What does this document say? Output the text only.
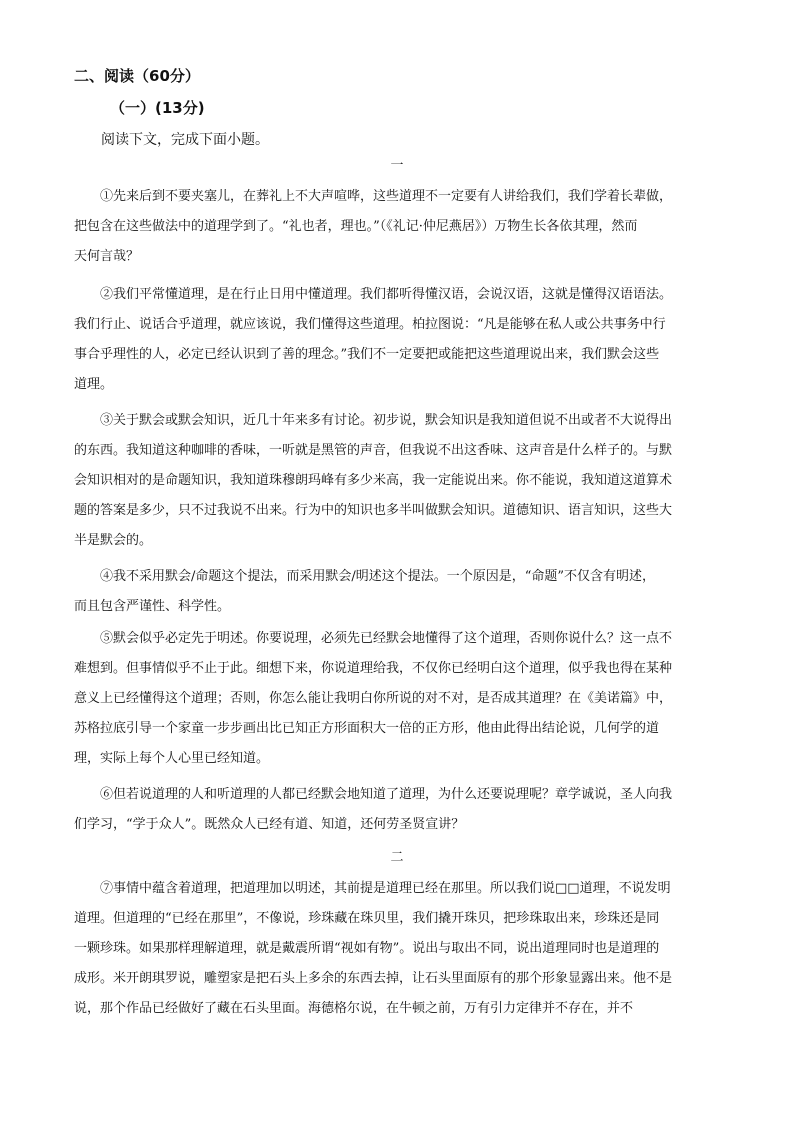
二、阅读（60分）
（一）(13分)
阅读下文，完成下面小题。
一
①先来后到不要夹塞儿，在葬礼上不大声喧哗，这些道理不一定要有人讲给我们，我们学着长辈做，
把包含在这些做法中的道理学到了。“礼也者，理也。”（《礼记·仲尼燕居》）万物生长各依其理，然而
天何言哉？
②我们平常懂道理，是在行止日用中懂道理。我们都听得懂汉语，会说汉语，这就是懂得汉语语法。
我们行止、说话合乎道理，就应该说，我们懂得这些道理。柏拉图说：“凡是能够在私人或公共事务中行
事合乎理性的人，必定已经认识到了善的理念。”我们不一定要把或能把这些道理说出来，我们默会这些
道理。
③关于默会或默会知识，近几十年来多有讨论。初步说，默会知识是我知道但说不出或者不大说得出
的东西。我知道这种咖啡的香味，一听就是黑管的声音，但我说不出这香味、这声音是什么样子的。与默
会知识相对的是命题知识，我知道珠穆朗玛峰有多少米高，我一定能说出来。你不能说，我知道这道算术
题的答案是多少，只不过我说不出来。行为中的知识也多半叫做默会知识。道德知识、语言知识，这些大
半是默会的。
④我不采用默会/命题这个提法，而采用默会/明述这个提法。一个原因是，“命题”不仅含有明述，
而且包含严谨性、科学性。
⑤默会似乎必定先于明述。你要说理，必须先已经默会地懂得了这个道理，否则你说什么？这一点不
难想到。但事情似乎不止于此。细想下来，你说道理给我，不仅你已经明白这个道理，似乎我也得在某种
意义上已经懂得这个道理；否则，你怎么能让我明白你所说的对不对，是否成其道理？在《美诺篇》中，
苏格拉底引导一个家童一步步画出比已知正方形面积大一倍的正方形，他由此得出结论说，几何学的道
理，实际上每个人心里已经知道。
⑥但若说道理的人和听道理的人都已经默会地知道了道理，为什么还要说理呢？章学诚说，圣人向我
们学习，“学于众人”。既然众人已经有道、知道，还何劳圣贤宣讲？
二
⑦事情中蕴含着道理，把道理加以明述，其前提是道理已经在那里。所以我们说□□道理，不说发明
道理。但道理的“已经在那里”，不像说，珍珠藏在珠贝里，我们撬开珠贝，把珍珠取出来，珍珠还是同
一颗珍珠。如果那样理解道理，就是戴震所谓“视如有物”。说出与取出不同，说出道理同时也是道理的
成形。米开朗琪罗说，雕塑家是把石头上多余的东西去掉，让石头里面原有的那个形象显露出来。他不是
说，那个作品已经做好了藏在石头里面。海德格尔说，在牛顿之前，万有引力定律并不存在，并不
